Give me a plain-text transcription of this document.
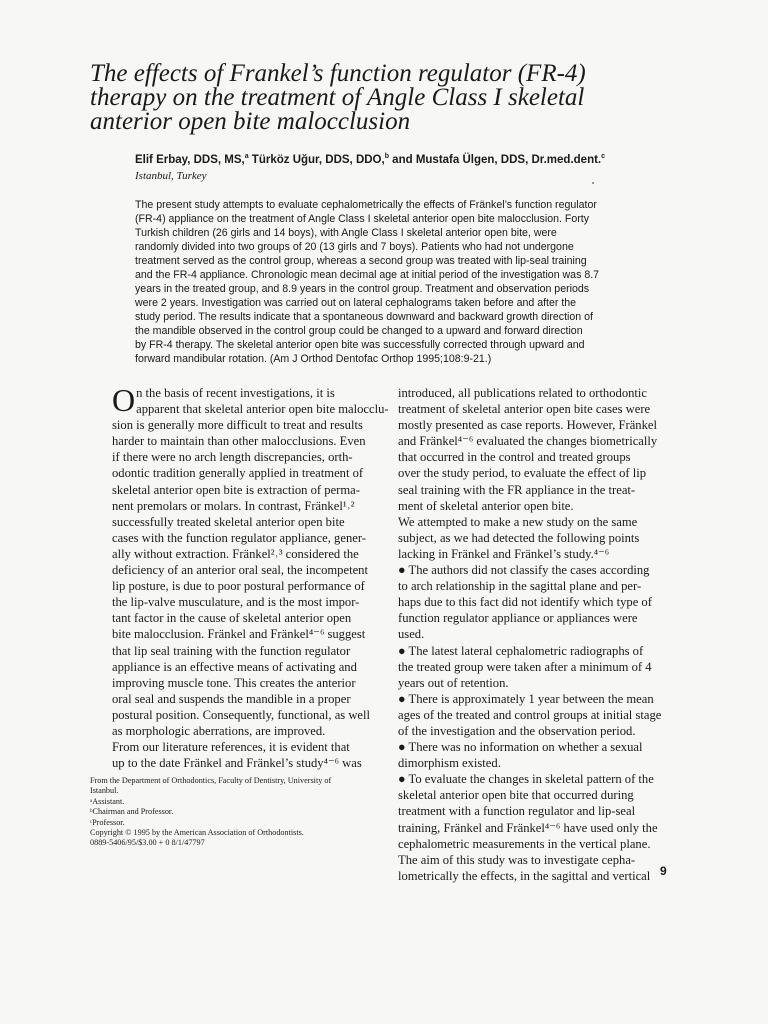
The effects of Frankel’s function regulator (FR-4)
therapy on the treatment of Angle Class I skeletal
anterior open bite malocclusion
Elif Erbay, DDS, MS,$^a$ Türköz Uğur, DDS, DDO,$^b$ and Mustafa Ülgen, DDS, Dr.med.dent.$^c$
Istanbul, Turkey
The present study attempts to evaluate cephalometrically the effects of Fränkel’s function regulator
(FR-4) appliance on the treatment of Angle Class I skeletal anterior open bite malocclusion. Forty
Turkish children (26 girls and 14 boys), with Angle Class I skeletal anterior open bite, were
randomly divided into two groups of 20 (13 girls and 7 boys). Patients who had not undergone
treatment served as the control group, whereas a second group was treated with lip-seal training
and the FR-4 appliance. Chronologic mean decimal age at initial period of the investigation was 8.7
years in the treated group, and 8.9 years in the control group. Treatment and observation periods
were 2 years. Investigation was carried out on lateral cephalograms taken before and after the
study period. The results indicate that a spontaneous downward and backward growth direction of
the mandible observed in the control group could be changed to a upward and forward direction
by FR-4 therapy. The skeletal anterior open bite was successfully corrected through upward and
forward mandibular rotation. (Am J Orthod Dentofac Orthop 1995;108:9-21.)
O n the basis of recent investigations, it is
apparent that skeletal anterior open bite malocclu-
sion is generally more difficult to treat and results
harder to maintain than other malocclusions. Even
if there were no arch length discrepancies, orth-
odontic tradition generally applied in treatment of
skeletal anterior open bite is extraction of perma-
nent premolars or molars. In contrast, Fränkel¹˒²
successfully treated skeletal anterior open bite
cases with the function regulator appliance, gener-
ally without extraction. Fränkel²˒³ considered the
deficiency of an anterior oral seal, the incompetent
lip posture, is due to poor postural performance of
the lip-valve musculature, and is the most impor-
tant factor in the cause of skeletal anterior open
bite malocclusion. Fränkel and Fränkel⁴⁻⁶ suggest
that lip seal training with the function regulator
appliance is an effective means of activating and
improving muscle tone. This creates the anterior
oral seal and suspends the mandible in a proper
postural position. Consequently, functional, as well
as morphologic aberrations, are improved.
From our literature references, it is evident that
up to the date Fränkel and Fränkel’s study⁴⁻⁶ was
introduced, all publications related to orthodontic
treatment of skeletal anterior open bite cases were
mostly presented as case reports. However, Fränkel
and Fränkel⁴⁻⁶ evaluated the changes biometrically
that occurred in the control and treated groups
over the study period, to evaluate the effect of lip
seal training with the FR appliance in the treat-
ment of skeletal anterior open bite.
We attempted to make a new study on the same
subject, as we had detected the following points
lacking in Fränkel and Fränkel’s study.⁴⁻⁶
● The authors did not classify the cases according
to arch relationship in the sagittal plane and per-
haps due to this fact did not identify which type of
function regulator appliance or appliances were
used.
● The latest lateral cephalometric radiographs of
the treated group were taken after a minimum of 4
years out of retention.
● There is approximately 1 year between the mean
ages of the treated and control groups at initial stage
of the investigation and the observation period.
● There was no information on whether a sexual
dimorphism existed.
● To evaluate the changes in skeletal pattern of the
skeletal anterior open bite that occurred during
treatment with a function regulator and lip-seal
training, Fränkel and Fränkel⁴⁻⁶ have used only the
cephalometric measurements in the vertical plane.
The aim of this study was to investigate cepha-
lometrically the effects, in the sagittal and vertical
From the Department of Orthodontics, Faculty of Dentistry, University of
Istanbul.
ᵃAssistant.
ᵇChairman and Professor.
ᶜProfessor.
Copyright © 1995 by the American Association of Orthodontists.
0889-5406/95/$3.00 + 0 8/1/47797
9
